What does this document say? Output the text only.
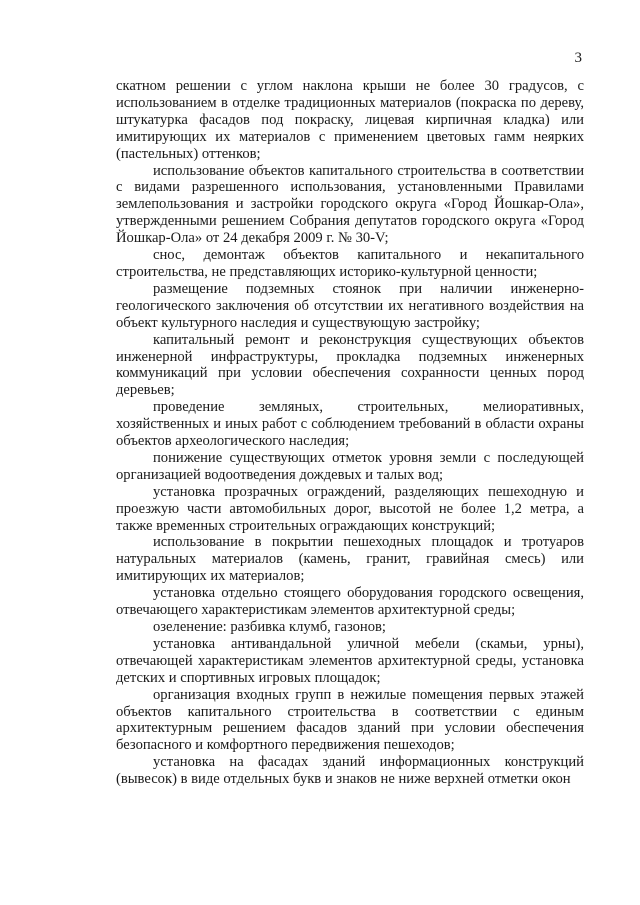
3

скатном решении с углом наклона крыши не более 30 градусов, с использованием в отделке традиционных материалов (покраска по дереву, штукатурка фасадов под покраску, лицевая кирпичная кладка) или имитирующих их материалов с применением цветовых гамм неярких (пастельных) оттенков;

использование объектов капитального строительства в соответствии с видами разрешенного использования, установленными Правилами землепользования и застройки городского округа «Город Йошкар-Ола», утвержденными решением Собрания депутатов городского округа «Город Йошкар-Ола» от 24 декабря 2009 г. № 30-V;

снос, демонтаж объектов капитального и некапитального строительства, не представляющих историко-культурной ценности;

размещение подземных стоянок при наличии инженерно-геологического заключения об отсутствии их негативного воздействия на объект культурного наследия и существующую застройку;

капитальный ремонт и реконструкция существующих объектов инженерной инфраструктуры, прокладка подземных инженерных коммуникаций при условии обеспечения сохранности ценных пород деревьев;

проведение земляных, строительных, мелиоративных, хозяйственных и иных работ с соблюдением требований в области охраны объектов археологического наследия;

понижение существующих отметок уровня земли с последующей организацией водоотведения дождевых и талых вод;

установка прозрачных ограждений, разделяющих пешеходную и проезжую части автомобильных дорог, высотой не более 1,2 метра, а также временных строительных ограждающих конструкций;

использование в покрытии пешеходных площадок и тротуаров натуральных материалов (камень, гранит, гравийная смесь) или имитирующих их материалов;

установка отдельно стоящего оборудования городского освещения, отвечающего характеристикам элементов архитектурной среды;

озеленение: разбивка клумб, газонов;

установка антивандальной уличной мебели (скамьи, урны), отвечающей характеристикам элементов архитектурной среды, установка детских и спортивных игровых площадок;

организация входных групп в нежилые помещения первых этажей объектов капитального строительства в соответствии с единым архитектурным решением фасадов зданий при условии обеспечения безопасного и комфортного передвижения пешеходов;

установка на фасадах зданий информационных конструкций (вывесок) в виде отдельных букв и знаков не ниже верхней отметки окон
